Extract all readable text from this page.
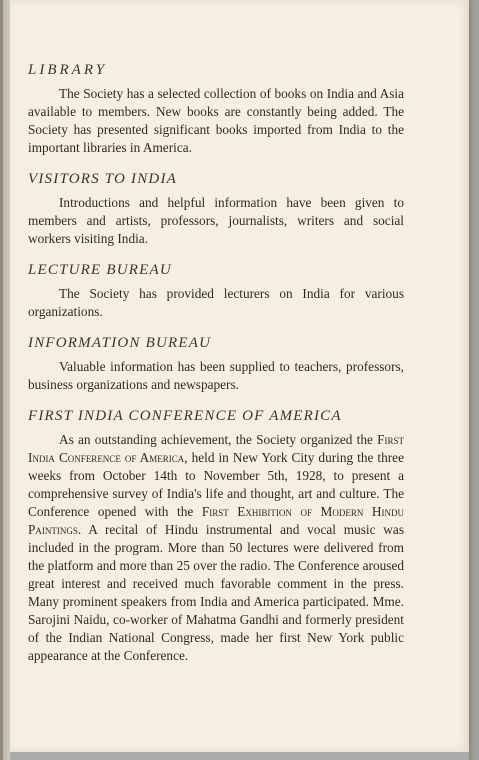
LIBRARY

The Society has a selected collection of books on India and Asia available to members. New books are constantly being added. The Society has presented significant books imported from India to the important libraries in America.

VISITORS TO INDIA

Introductions and helpful information have been given to members and artists, professors, journalists, writers and social workers visiting India.

LECTURE BUREAU

The Society has provided lecturers on India for various organizations.

INFORMATION BUREAU

Valuable information has been supplied to teachers, professors, business organizations and newspapers.

FIRST INDIA CONFERENCE OF AMERICA

As an outstanding achievement, the Society organized the First India Conference of America, held in New York City during the three weeks from October 14th to November 5th, 1928, to present a comprehensive survey of India's life and thought, art and culture. The Conference opened with the First Exhibition of Modern Hindu Paintings. A recital of Hindu instrumental and vocal music was included in the program. More than 50 lectures were delivered from the platform and more than 25 over the radio. The Conference aroused great interest and received much favorable comment in the press. Many prominent speakers from India and America participated. Mme. Sarojini Naidu, co-worker of Mahatma Gandhi and formerly president of the Indian National Congress, made her first New York public appearance at the Conference.
